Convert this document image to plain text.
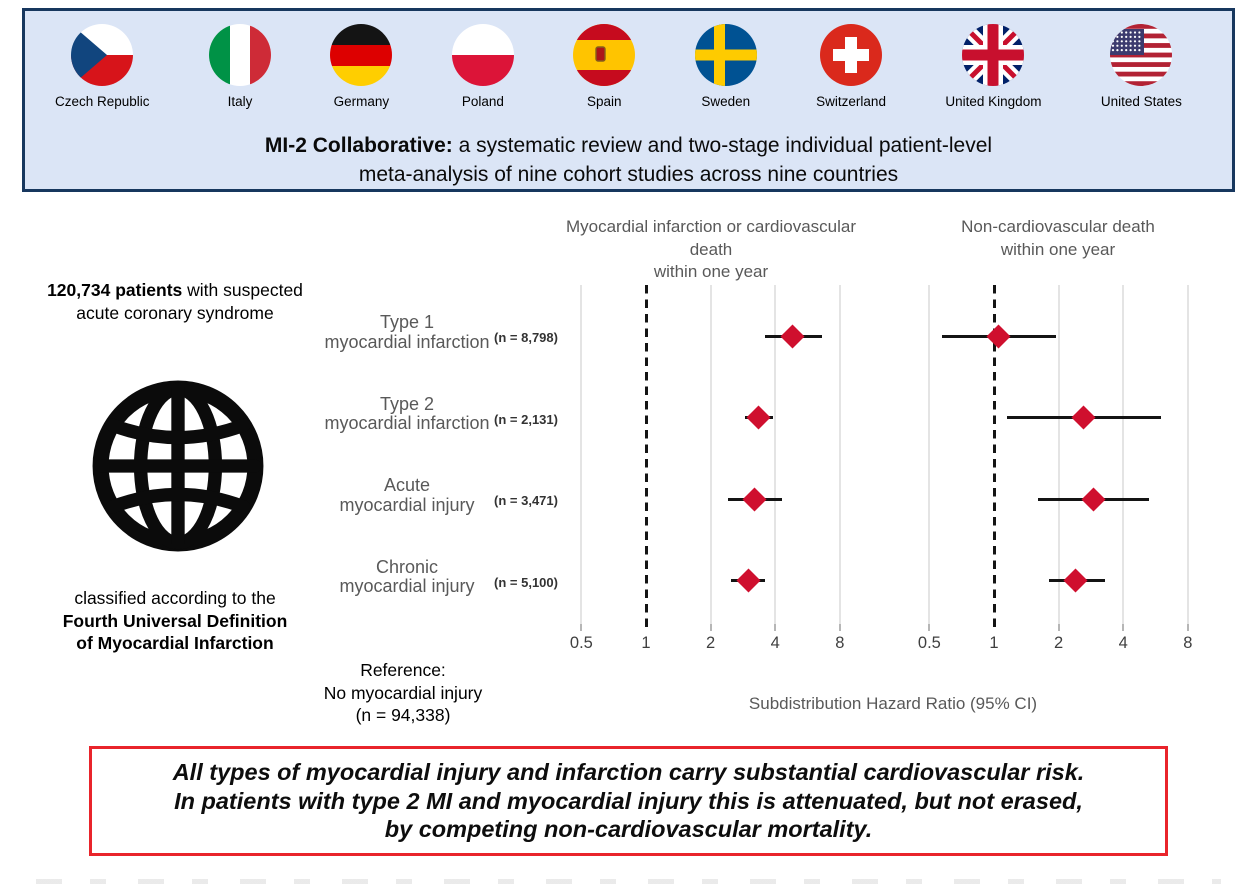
Czech Republic	Italy	Germany	Poland	Spain	Sweden	Switzerland	United Kingdom	United States
MI-2 Collaborative: a systematic review and two-stage individual patient-level
meta-analysis of nine cohort studies across nine countries
120,734 patients with suspected
acute coronary syndrome
classified according to the
Fourth Universal Definition
of Myocardial Infarction
Reference:
No myocardial injury
(n = 94,338)
Myocardial infarction or cardiovascular death
within one year
Non-cardiovascular death
within one year
0.5	1	2	4	8	0.5	1	2	4	8
Type 1
myocardial infarction (n = 8,798)
Type 2
myocardial infarction (n = 2,131)
Acute
myocardial injury	(n = 3,471)
Chronic
myocardial injury	(n = 5,100)
Subdistribution Hazard Ratio (95% CI)
All types of myocardial injury and infarction carry substantial cardiovascular risk.
In patients with type 2 MI and myocardial injury this is attenuated, but not erased,
by competing non-cardiovascular mortality.
